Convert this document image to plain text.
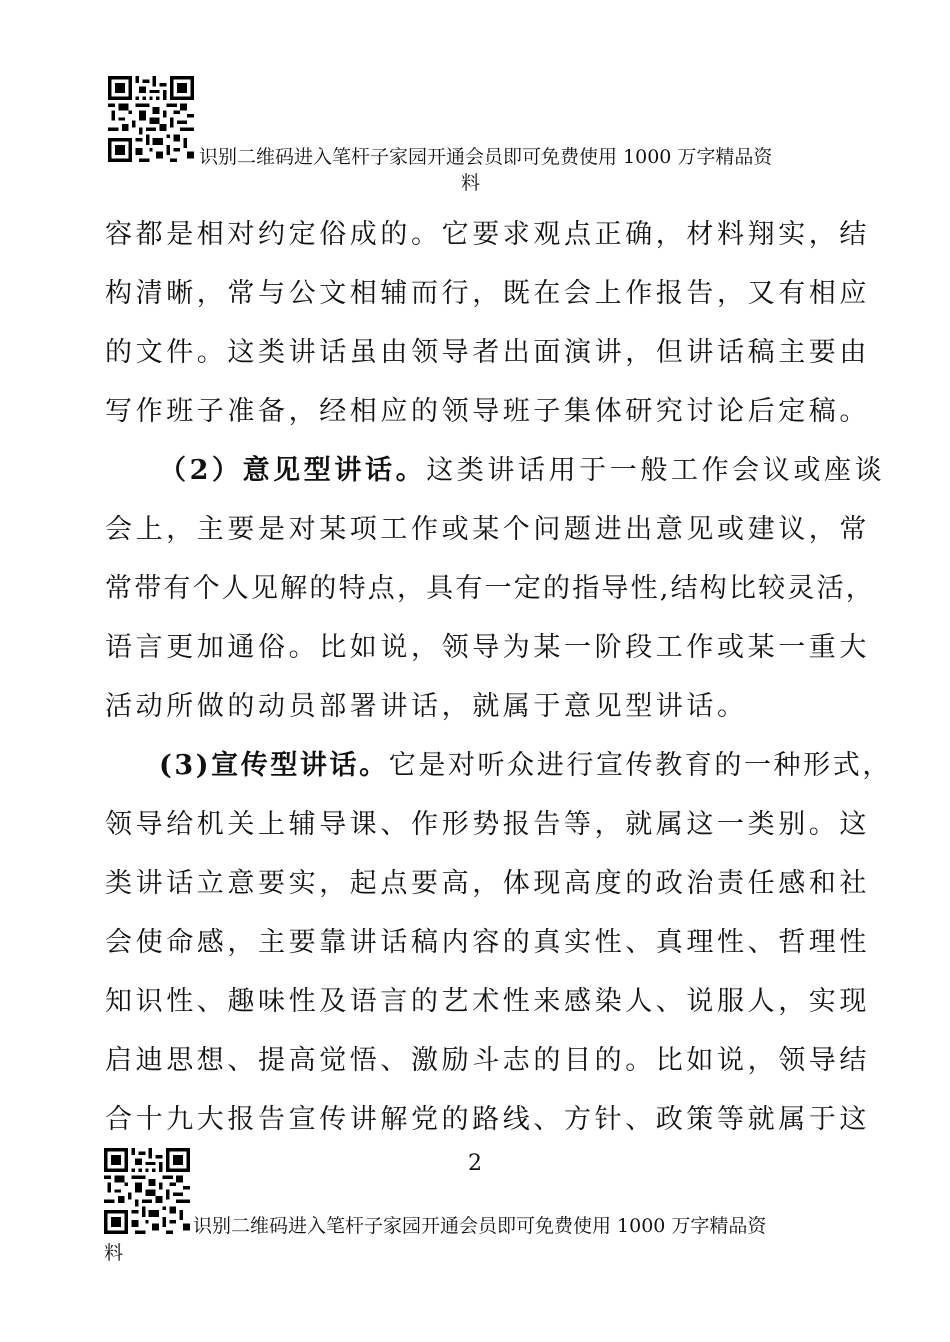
识别二维码进入笔杆子家园开通会员即可免费使用 1000 万字精品资
料
容都是相对约定俗成的。它要求观点正确，材料翔实，结
构清晰，常与公文相辅而行，既在会上作报告，又有相应
的文件。这类讲话虽由领导者出面演讲，但讲话稿主要由
写作班子准备，经相应的领导班子集体研究讨论后定稿。
（2）意见型讲话。这类讲话用于一般工作会议或座谈
会上，主要是对某项工作或某个问题进出意见或建议，常
常带有个人见解的特点，具有一定的指导性,结构比较灵活，
语言更加通俗。比如说，领导为某一阶段工作或某一重大
活动所做的动员部署讲话，就属于意见型讲话。
(3)宣传型讲话。它是对听众进行宣传教育的一种形式，
领导给机关上辅导课、作形势报告等，就属这一类别。这
类讲话立意要实，起点要高，体现高度的政治责任感和社
会使命感，主要靠讲话稿内容的真实性、真理性、哲理性
知识性、趣味性及语言的艺术性来感染人、说服人，实现
启迪思想、提高觉悟、激励斗志的目的。比如说，领导结
合十九大报告宣传讲解党的路线、方针、政策等就属于这
2
识别二维码进入笔杆子家园开通会员即可免费使用 1000 万字精品资
料
